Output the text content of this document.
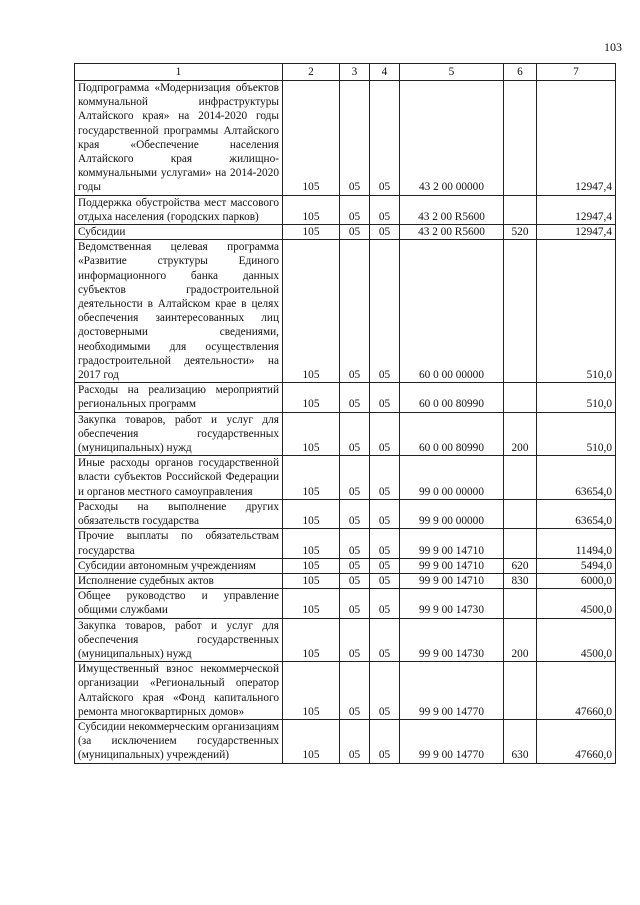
103
1	2	3	4	5	6	7
Подпрограмма «Модернизация объектов коммунальной инфраструктуры Алтайского края» на 2014-2020 годы государственной программы Алтайского края «Обеспечение населения Алтайского края жилищно-коммунальными услугами» на 2014-2020 годы	105	05	05	43 2 00 00000		12947,4
Поддержка обустройства мест массового отдыха населения (городских парков)	105	05	05	43 2 00 R5600		12947,4
Субсидии	105	05	05	43 2 00 R5600	520	12947,4
Ведомственная целевая программа «Развитие структуры Единого информационного банка данных субъектов градостроительной деятельности в Алтайском крае в целях обеспечения заинтересованных лиц достоверными сведениями, необходимыми для осуществления градостроительной деятельности» на 2017 год	105	05	05	60 0 00 00000		510,0
Расходы на реализацию мероприятий региональных программ	105	05	05	60 0 00 80990		510,0
Закупка товаров, работ и услуг для обеспечения государственных (муниципальных) нужд	105	05	05	60 0 00 80990	200	510,0
Иные расходы органов государственной власти субъектов Российской Федерации и органов местного самоуправления	105	05	05	99 0 00 00000		63654,0
Расходы на выполнение других обязательств государства	105	05	05	99 9 00 00000		63654,0
Прочие выплаты по обязательствам государства	105	05	05	99 9 00 14710		11494,0
Субсидии автономным учреждениям	105	05	05	99 9 00 14710	620	5494,0
Исполнение судебных актов	105	05	05	99 9 00 14710	830	6000,0
Общее руководство и управление общими службами	105	05	05	99 9 00 14730		4500,0
Закупка товаров, работ и услуг для обеспечения государственных (муниципальных) нужд	105	05	05	99 9 00 14730	200	4500,0
Имущественный взнос некоммерческой организации «Региональный оператор Алтайского края «Фонд капитального ремонта многоквартирных домов»	105	05	05	99 9 00 14770		47660,0
Субсидии некоммерческим организациям (за исключением государственных (муниципальных) учреждений)	105	05	05	99 9 00 14770	630	47660,0
